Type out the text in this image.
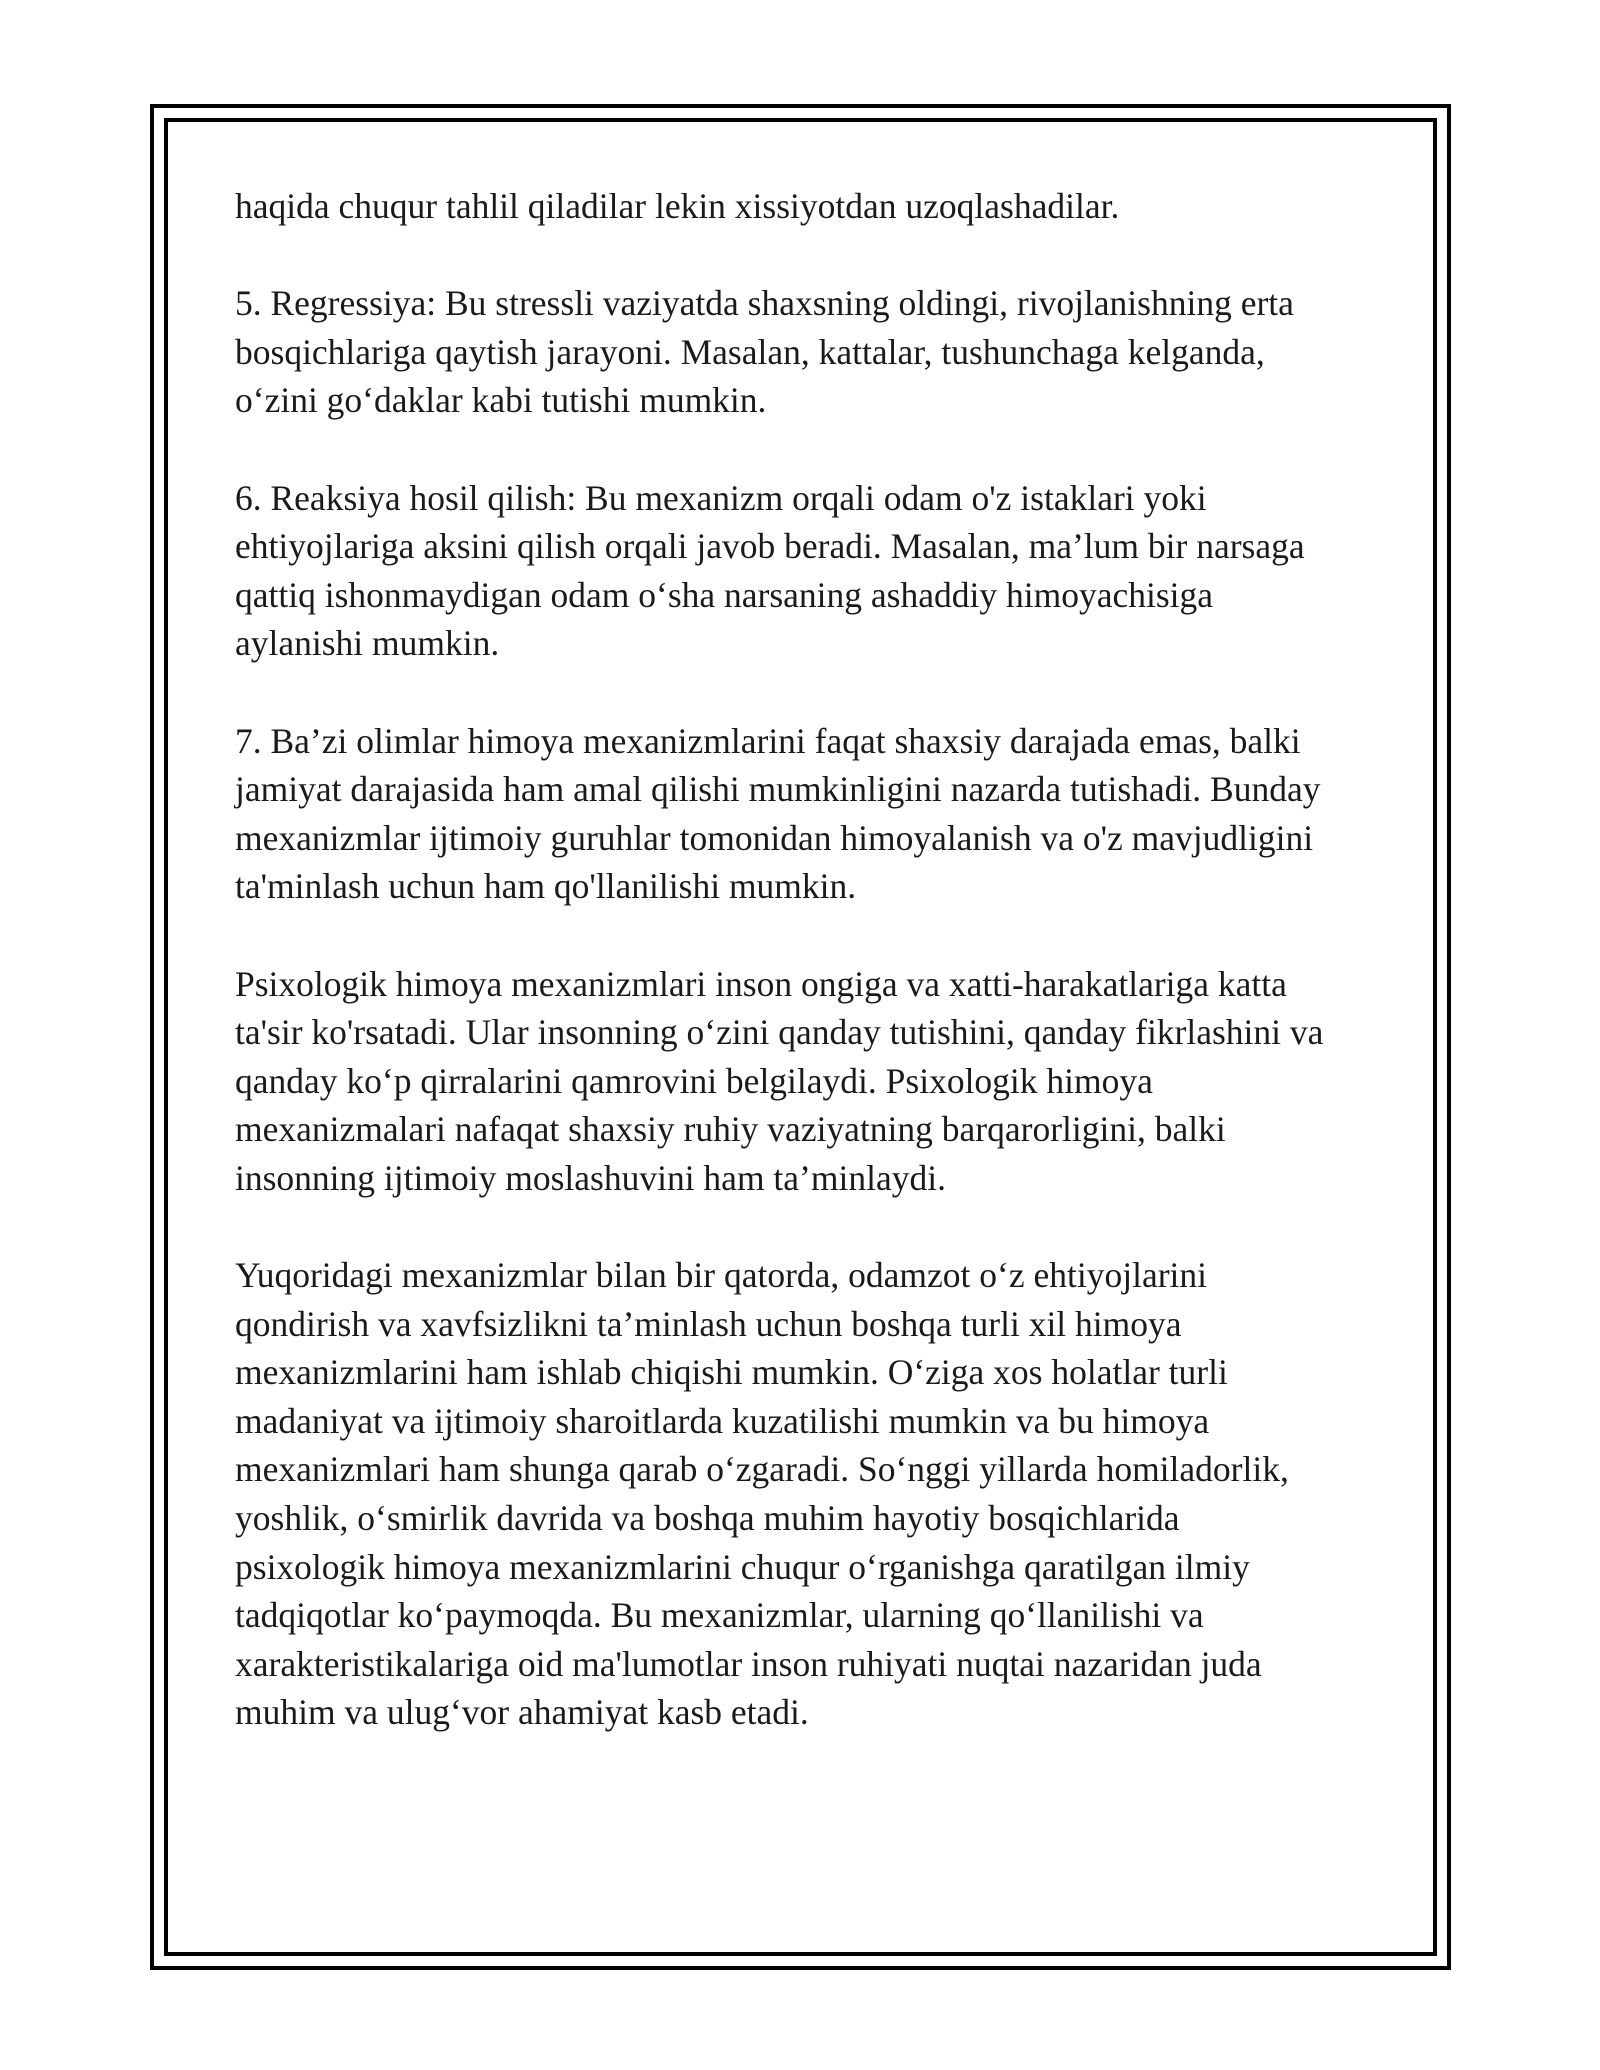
haqida chuqur tahlil qiladilar lekin xissiyotdan uzoqlashadilar.

5. Regressiya: Bu stressli vaziyatda shaxsning oldingi, rivojlanishning erta
bosqichlariga qaytish jarayoni. Masalan, kattalar, tushunchaga kelganda,
o‘zini go‘daklar kabi tutishi mumkin.

6. Reaksiya hosil qilish: Bu mexanizm orqali odam o'z istaklari yoki
ehtiyojlariga aksini qilish orqali javob beradi. Masalan, ma’lum bir narsaga
qattiq ishonmaydigan odam o‘sha narsaning ashaddiy himoyachisiga
aylanishi mumkin.

7. Ba’zi olimlar himoya mexanizmlarini faqat shaxsiy darajada emas, balki
jamiyat darajasida ham amal qilishi mumkinligini nazarda tutishadi. Bunday
mexanizmlar ijtimoiy guruhlar tomonidan himoyalanish va o'z mavjudligini
ta'minlash uchun ham qo'llanilishi mumkin.

Psixologik himoya mexanizmlari inson ongiga va xatti-harakatlariga katta
ta'sir ko'rsatadi. Ular insonning o‘zini qanday tutishini, qanday fikrlashini va
qanday ko‘p qirralarini qamrovini belgilaydi. Psixologik himoya
mexanizmalari nafaqat shaxsiy ruhiy vaziyatning barqarorligini, balki
insonning ijtimoiy moslashuvini ham ta’minlaydi.

Yuqoridagi mexanizmlar bilan bir qatorda, odamzot o‘z ehtiyojlarini
qondirish va xavfsizlikni ta’minlash uchun boshqa turli xil himoya
mexanizmlarini ham ishlab chiqishi mumkin. O‘ziga xos holatlar turli
madaniyat va ijtimoiy sharoitlarda kuzatilishi mumkin va bu himoya
mexanizmlari ham shunga qarab o‘zgaradi. So‘nggi yillarda homiladorlik,
yoshlik, o‘smirlik davrida va boshqa muhim hayotiy bosqichlarida
psixologik himoya mexanizmlarini chuqur o‘rganishga qaratilgan ilmiy
tadqiqotlar ko‘paymoqda. Bu mexanizmlar, ularning qo‘llanilishi va
xarakteristikalariga oid ma'lumotlar inson ruhiyati nuqtai nazaridan juda
muhim va ulug‘vor ahamiyat kasb etadi.
